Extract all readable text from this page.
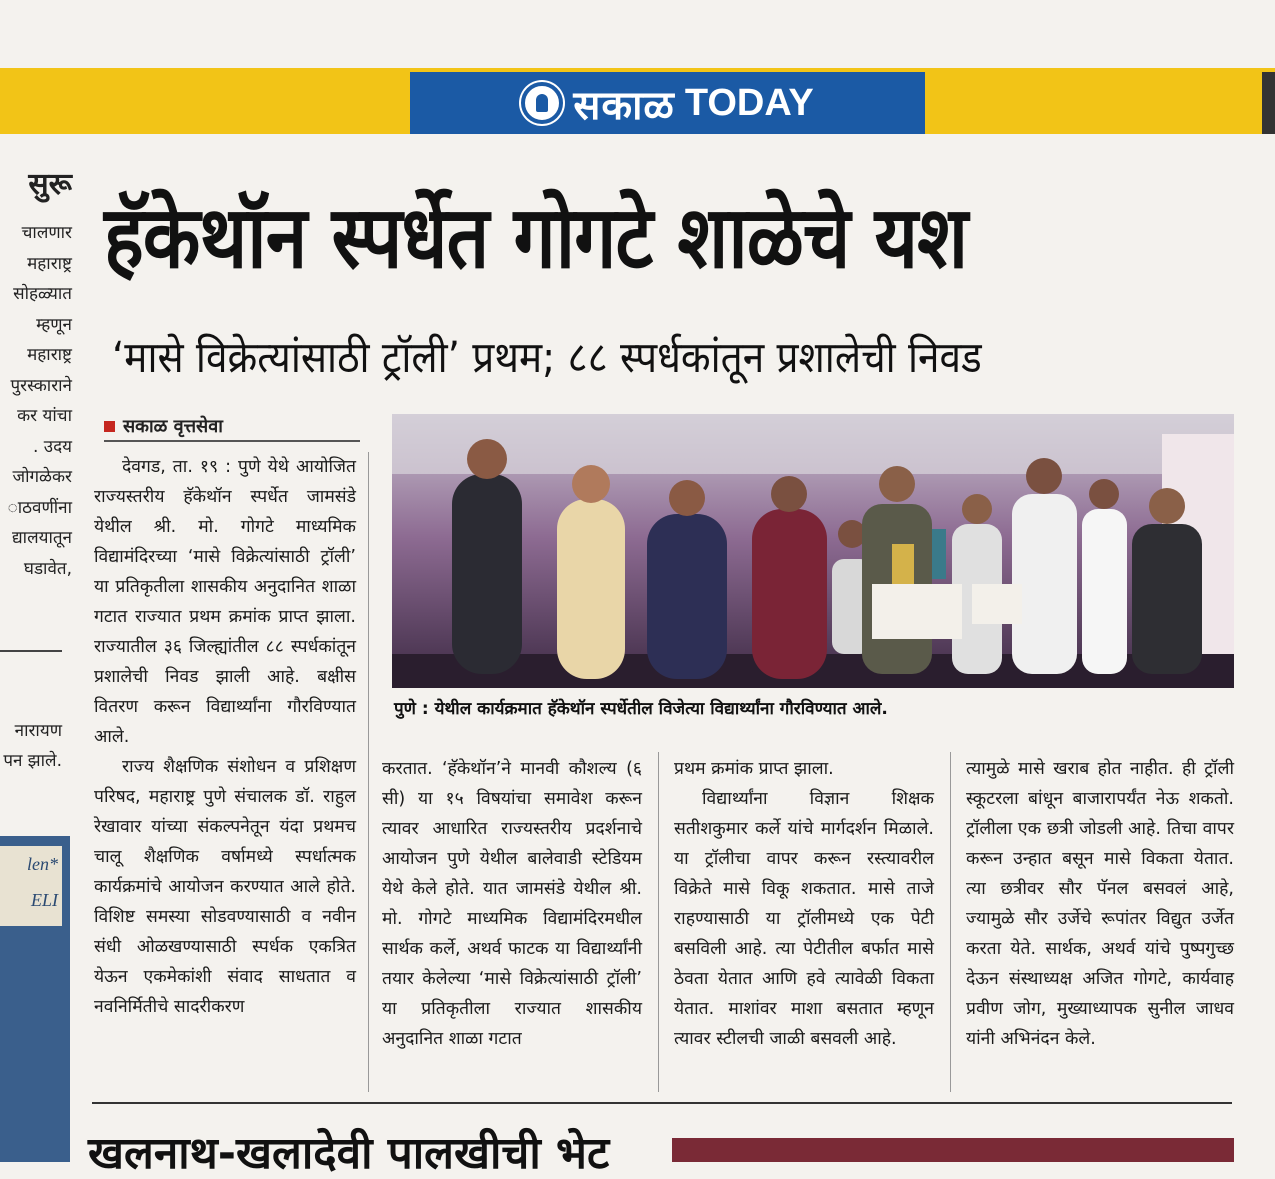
सकाळ TODAY
सुरू
चालणार
महाराष्ट्र
सोहळ्यात
म्हणून
महाराष्ट्र
पुरस्काराने
कर यांचा
. उदय
जोगळेकर
ाठवणींना
द्यालयातून
घडावेत,
नारायण
पन झाले.
len*
ELI
हॅकेथॉन स्पर्धेत गोगटे शाळेचे यश
‘मासे विक्रेत्यांसाठी ट्रॉली’ प्रथम; ८८ स्पर्धकांतून प्रशालेची निवड
सकाळ वृत्तसेवा

देवगड, ता. १९ : पुणे येथे आयोजित राज्यस्तरीय हॅकेथॉन स्पर्धेत जामसंडे येथील श्री. मो. गोगटे माध्यमिक विद्यामंदिरच्या ‘मासे विक्रेत्यांसाठी ट्रॉली’ या प्रतिकृतीला शासकीय अनुदानित शाळा गटात राज्यात प्रथम क्रमांक प्राप्त झाला. राज्यातील ३६ जिल्ह्यांतील ८८ स्पर्धकांतून प्रशालेची निवड झाली आहे. बक्षीस वितरण करून विद्यार्थ्यांना गौरविण्यात आले.

राज्य शैक्षणिक संशोधन व प्रशिक्षण परिषद, महाराष्ट्र पुणे संचालक डॉ. राहुल रेखावार यांच्या संकल्पनेतून यंदा प्रथमच चालू शैक्षणिक वर्षामध्ये स्पर्धात्मक कार्यक्रमांचे आयोजन करण्यात आले होते. विशिष्ट समस्या सोडवण्यासाठी व नवीन संधी ओळखण्यासाठी स्पर्धक एकत्रित येऊन एकमेकांशी संवाद साधतात व नवनिर्मितीचे सादरीकरण

पुणे : येथील कार्यक्रमात हॅकेथॉन स्पर्धेतील विजेत्या विद्यार्थ्यांना गौरविण्यात आले.

करतात. ‘हॅकेथॉन’ने मानवी कौशल्य (६ सी) या १५ विषयांचा समावेश करून त्यावर आधारित राज्यस्तरीय प्रदर्शनाचे आयोजन पुणे येथील बालेवाडी स्टेडियम येथे केले होते. यात जामसंडे येथील श्री. मो. गोगटे माध्यमिक विद्यामंदिरमधील सार्थक कर्ले, अथर्व फाटक या विद्यार्थ्यांनी तयार केलेल्या ‘मासे विक्रेत्यांसाठी ट्रॉली’ या प्रतिकृतीला राज्यात शासकीय अनुदानित शाळा गटात

प्रथम क्रमांक प्राप्त झाला.

विद्यार्थ्यांना विज्ञान शिक्षक सतीशकुमार कर्ले यांचे मार्गदर्शन मिळाले. या ट्रॉलीचा वापर करून रस्त्यावरील विक्रेते मासे विकू शकतात. मासे ताजे राहण्यासाठी या ट्रॉलीमध्ये एक पेटी बसविली आहे. त्या पेटीतील बर्फात मासे ठेवता येतात आणि हवे त्यावेळी विकता येतात. माशांवर माशा बसतात म्हणून त्यावर स्टीलची जाळी बसवली आहे.

त्यामुळे मासे खराब होत नाहीत. ही ट्रॉली स्कूटरला बांधून बाजारापर्यंत नेऊ शकतो. ट्रॉलीला एक छत्री जोडली आहे. तिचा वापर करून उन्हात बसून मासे विकता येतात. त्या छत्रीवर सौर पॅनल बसवलं आहे, ज्यामुळे सौर उर्जेचे रूपांतर विद्युत उर्जेत करता येते. सार्थक, अथर्व यांचे पुष्पगुच्छ देऊन संस्थाध्यक्ष अजित गोगटे, कार्यवाह प्रवीण जोग, मुख्याध्यापक सुनील जाधव यांनी अभिनंदन केले.

खलनाथ-खलादेवी पालखीची भेट
